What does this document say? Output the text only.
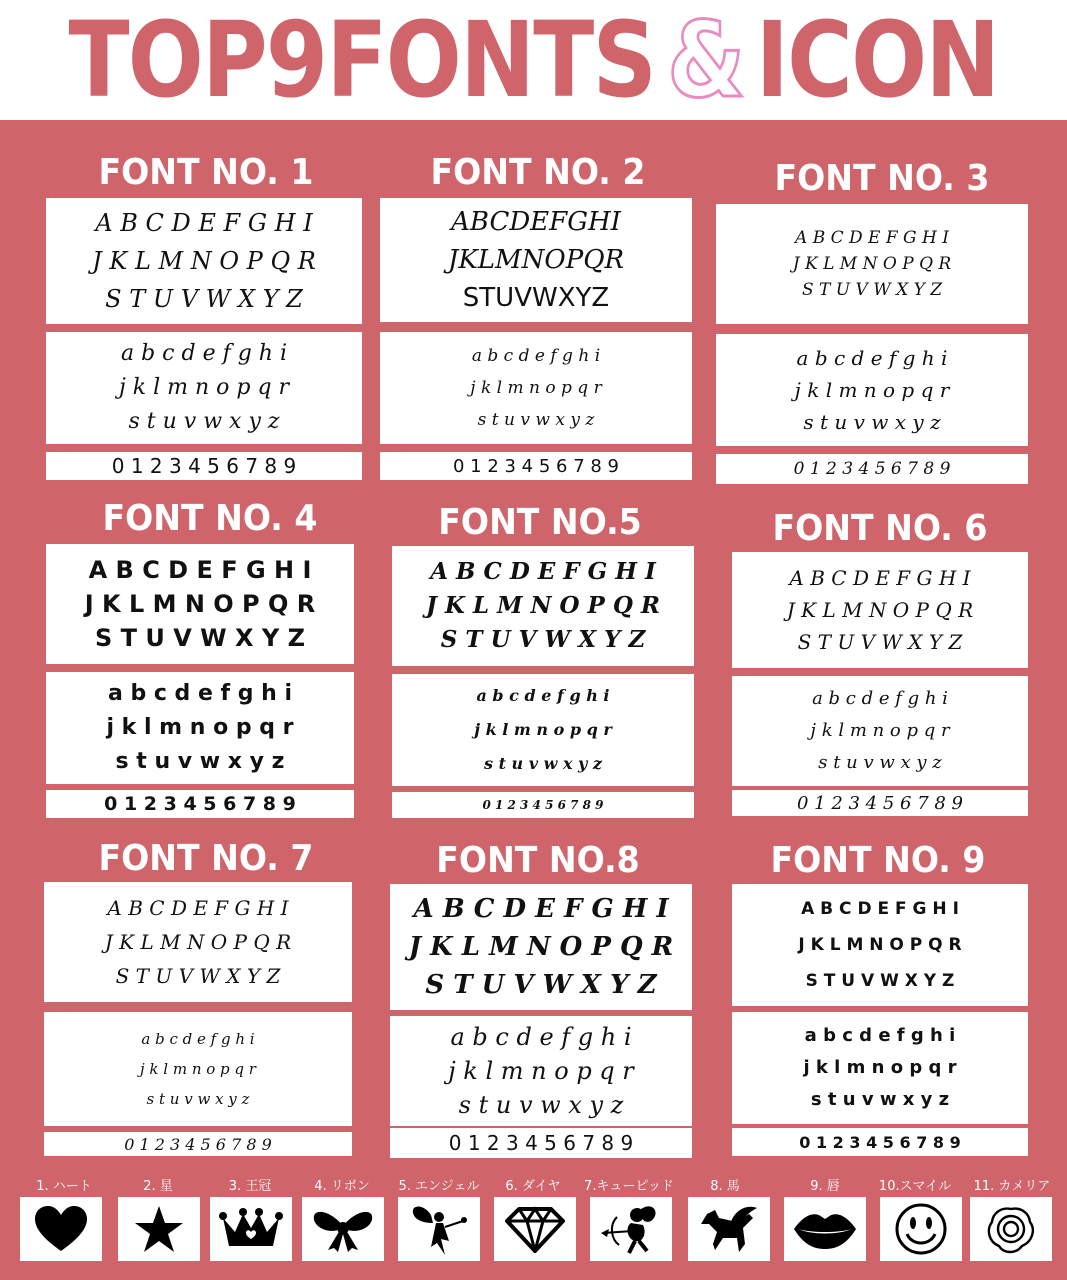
TOP 9 FONTS & ICON
FONT NO. 1
A B C D E F G H I
J K L M N O P Q R
S T U V W X Y Z
a b c d e f g h i
j k l m n o p q r
s t u v w x y z
0 1 2 3 4 5 6 7 8 9
FONT NO. 2
ABCDEFGHI
JKLMNOPQR
STUVWXYZ
a b c d e f g h i
j k l m n o p q r
s t u v w x y z
0 1 2 3 4 5 6 7 8 9
FONT NO. 3
A B C D E F G H I
J K L M N O P Q R
S T U V W X Y Z
a b c d e f g h i
j k l m n o p q r
s t u v w x y z
0 1 2 3 4 5 6 7 8 9
FONT NO. 4
A B C D E F G H I
J K L M N O P Q R
S T U V W X Y Z
a b c d e f g h i
j k l m n o p q r
s t u v w x y z
0 1 2 3 4 5 6 7 8 9
FONT NO.5
A B C D E F G H I
J K L M N O P Q R
S T U V W X Y Z
a b c d e f g h i
j k l m n o p q r
s t u v w x y z
0 1 2 3 4 5 6 7 8 9
FONT NO. 6
A B C D E F G H I
J K L M N O P Q R
S T U V W X Y Z
a b c d e f g h i
j k l m n o p q r
s t u v w x y z
0 1 2 3 4 5 6 7 8 9
FONT NO. 7
A B C D E F G H I
J K L M N O P Q R
S T U V W X Y Z
a b c d e f g h i
j k l m n o p q r
s t u v w x y z
0 1 2 3 4 5 6 7 8 9
FONT NO.8
A B C D E F G H I
J K L M N O P Q R
S T U V W X Y Z
a b c d e f g h i
j k l m n o p q r
s t u v w x y z
0 1 2 3 4 5 6 7 8 9
FONT NO. 9
A B C D E F G H I
J K L M N O P Q R
S T U V W X Y Z
a b c d e f g h i
j k l m n o p q r
s t u v w x y z
0 1 2 3 4 5 6 7 8 9
1. ハート	2. 星	3. 王冠	4. リボン	5. エンジェル	6. ダイヤ	7.キューピッド	8. 馬	9. 唇	10.スマイル	11. カメリア
